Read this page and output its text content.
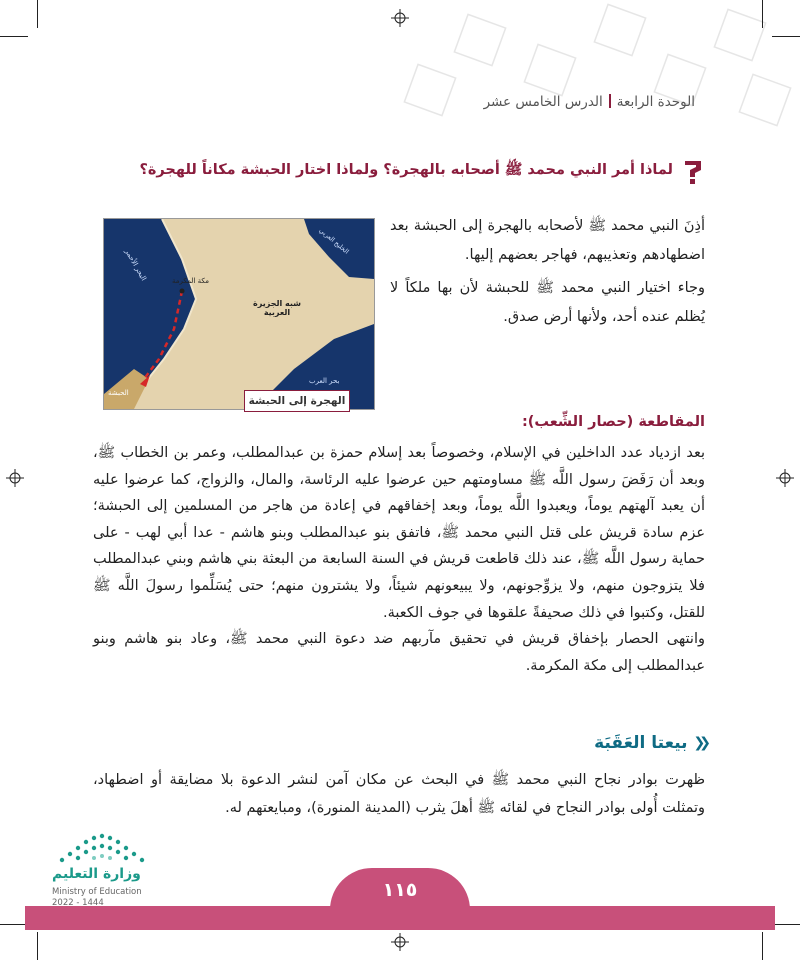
الوحدة الرابعةالدرس الخامس عشر
لماذا أمر النبي محمد ﷺ أصحابه بالهجرة؟ ولماذا اختار الحبشة مكاناً للهجرة؟

أذِنَ النبي محمد ﷺ لأصحابه بالهجرة إلى الحبشة بعد اضطهادهم وتعذيبهم، فهاجر بعضهم إليها.

وجاء اختيار النبي محمد ﷺ للحبشة لأن بها ملكاً لا يُظلم عنده أحد، ولأنها أرض صدق.

مكة المكرمة
شبه الجزيرة العربية
البحر الأحمر
بحر العرب
الخليج العربي
الحبشة
الهجرة إلى الحبشة
المقاطعة (حصار الشِّعب):

بعد ازدياد عدد الداخلين في الإسلام، وخصوصاً بعد إسلام حمزة بن عبدالمطلب، وعمر بن الخطاب ﷺ، وبعد أن رَفَضَ رسول اللَّه ﷺ مساومتهم حين عرضوا عليه الرئاسة، والمال، والزواج، كما عرضوا عليه أن يعبد آلهتهم يوماً، ويعبدوا اللَّه يوماً، وبعد إخفاقهم في إعادة من هاجر من المسلمين إلى الحبشة؛ عزم سادة قريش على قتل النبي محمد ﷺ، فاتفق بنو عبدالمطلب وبنو هاشم - عدا أبي لهب - على حماية رسول اللَّه ﷺ، عند ذلك قاطعت قريش في السنة السابعة من البعثة بني هاشم وبني عبدالمطلب فلا يتزوجون منهم، ولا يزوِّجونهم، ولا يبيعونهم شيئاً، ولا يشترون منهم؛ حتى يُسَلِّموا رسولَ اللَّه ﷺ للقتل، وكتبوا في ذلك صحيفةً علقوها في جوف الكعبة.

وانتهى الحصار بإخفاق قريش في تحقيق مآربهم ضد دعوة النبي محمد ﷺ، وعاد بنو هاشم وبنو عبدالمطلب إلى مكة المكرمة.

❮❮
بيعتا العَقَبَة

ظهرت بوادر نجاح النبي محمد ﷺ في البحث عن مكان آمن لنشر الدعوة بلا مضايقة أو اضطهاد، وتمثلت أُولى بوادر النجاح في لقائه ﷺ أهلَ يثرب (المدينة المنورة)، ومبايعتهم له.

١١٥
وزارة التعليم
Ministry of Education
2022 - 1444
